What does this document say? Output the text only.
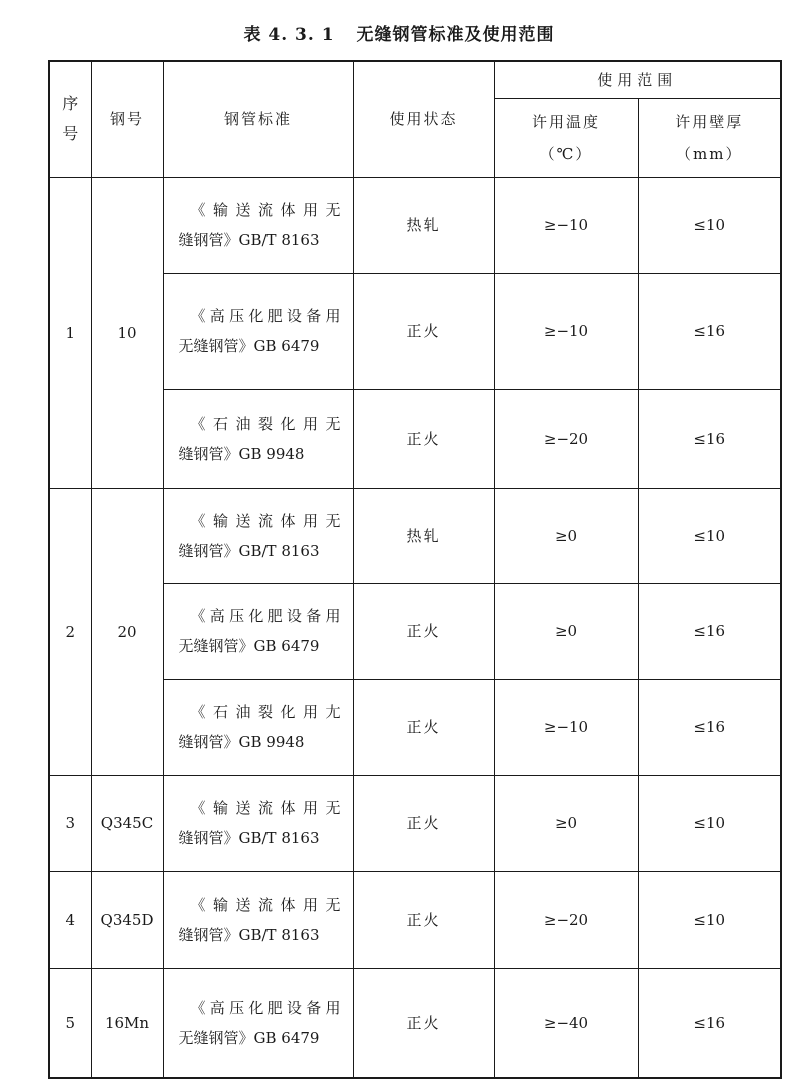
表 4. 3. 1 无缝钢管标准及使用范围
序号	钢号	钢管标准	使用状态	使用范围	

				许用温度
（℃）	许用壁厚
（mm）

1	10	《输送流体用无
缝钢管》GB/T 8163	热轧	≥−10	≤10

		《高压化肥设备用
无缝钢管》GB 6479	正火	≥−10	≤16

		《石油裂化用无
缝钢管》GB 9948	正火	≥−20	≤16
2	20	《输送流体用无
缝钢管》GB/T 8163	热轧	≥0	≤10

		《高压化肥设备用
无缝钢管》GB 6479	正火	≥0	≤16

		《石油裂化用尢
缝钢管》GB 9948	正火	≥−10	≤16
3	Q345C	《输送流体用无
缝钢管》GB/T 8163	正火	≥0	≤10
4	Q345D	《输送流体用无
缝钢管》GB/T 8163	正火	≥−20	≤10
5	16Mn	《高压化肥设备用
无缝钢管》GB 6479	正火	≥−40	≤16
